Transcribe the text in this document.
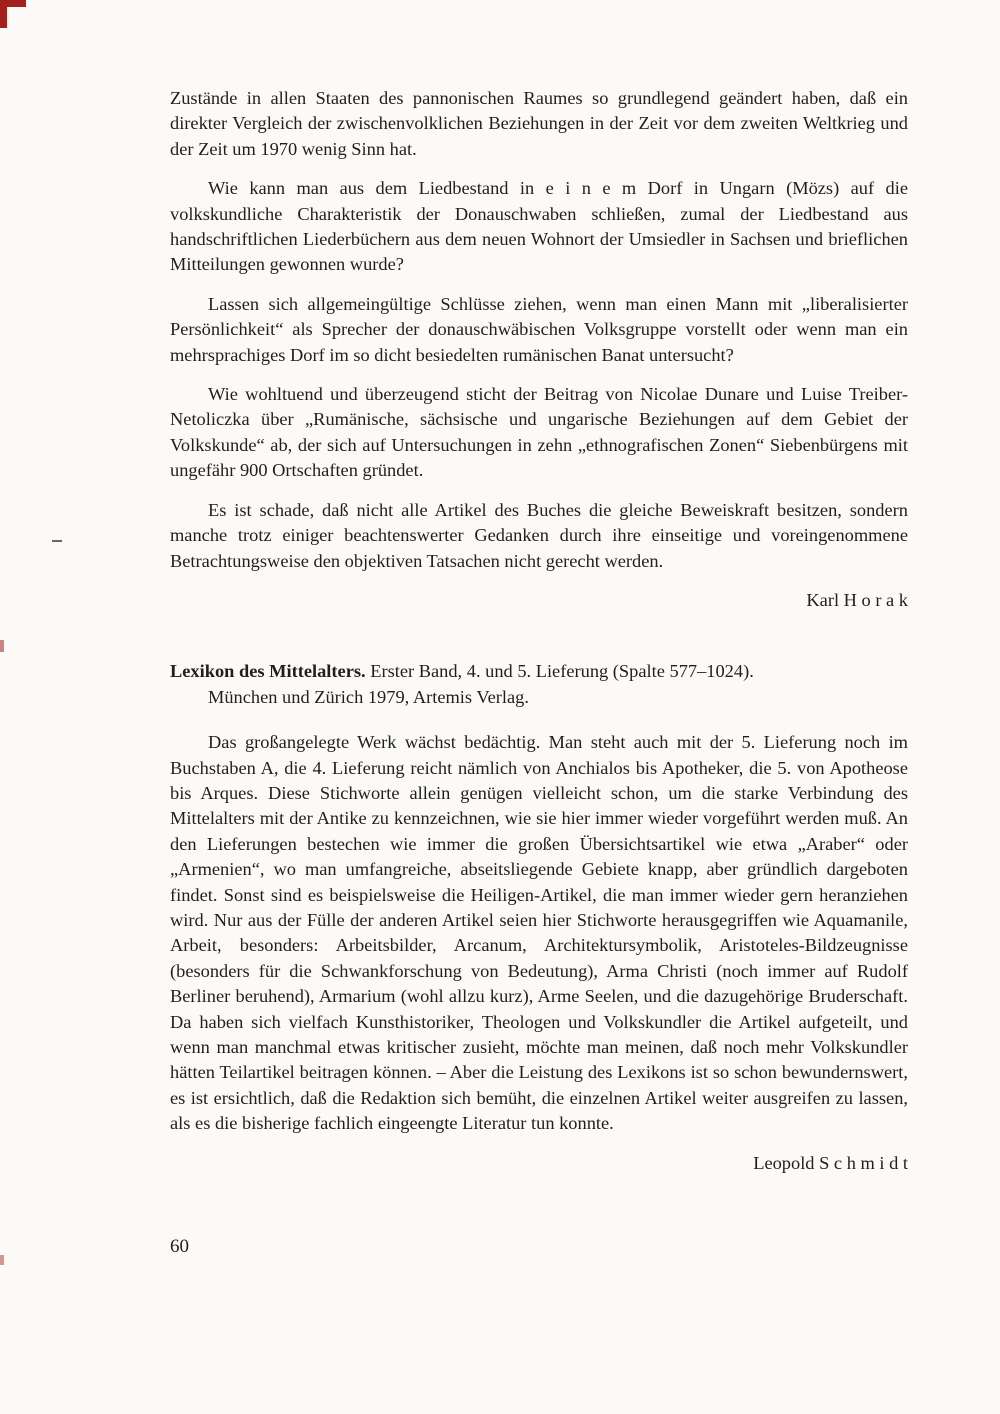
Zustände in allen Staaten des pannonischen Raumes so grundlegend geändert haben, daß ein direkter Vergleich der zwischenvolklichen Beziehungen in der Zeit vor dem zweiten Weltkrieg und der Zeit um 1970 wenig Sinn hat.

Wie kann man aus dem Liedbestand in e i n e m Dorf in Ungarn (Mözs) auf die volkskundliche Charakteristik der Donauschwaben schließen, zumal der Liedbestand aus handschriftlichen Liederbüchern aus dem neuen Wohnort der Umsiedler in Sachsen und brieflichen Mitteilungen gewonnen wurde?

Lassen sich allgemeingültige Schlüsse ziehen, wenn man einen Mann mit „liberalisierter Persönlichkeit“ als Sprecher der donauschwäbischen Volksgruppe vorstellt oder wenn man ein mehrsprachiges Dorf im so dicht besiedelten rumänischen Banat untersucht?

Wie wohltuend und überzeugend sticht der Beitrag von Nicolae Dunare und Luise Treiber-Netoliczka über „Rumänische, sächsische und ungarische Beziehungen auf dem Gebiet der Volkskunde“ ab, der sich auf Untersuchungen in zehn „ethnografischen Zonen“ Siebenbürgens mit ungefähr 900 Ortschaften gründet.

Es ist schade, daß nicht alle Artikel des Buches die gleiche Beweiskraft besitzen, sondern manche trotz einiger beachtenswerter Gedanken durch ihre einseitige und voreingenommene Betrachtungsweise den objektiven Tatsachen nicht gerecht werden.

Karl H o r a k

Lexikon des Mittelalters. Erster Band, 4. und 5. Lieferung (Spalte 577–1024).

München und Zürich 1979, Artemis Verlag.

Das großangelegte Werk wächst bedächtig. Man steht auch mit der 5. Lieferung noch im Buchstaben A, die 4. Lieferung reicht nämlich von Anchialos bis Apotheker, die 5. von Apotheose bis Arques. Diese Stichworte allein genügen vielleicht schon, um die starke Verbindung des Mittelalters mit der Antike zu kennzeichnen, wie sie hier immer wieder vorgeführt werden muß. An den Lieferungen bestechen wie immer die großen Übersichtsartikel wie etwa „Araber“ oder „Armenien“, wo man umfangreiche, abseitsliegende Gebiete knapp, aber gründlich dargeboten findet. Sonst sind es beispielsweise die Heiligen-Artikel, die man immer wieder gern heranziehen wird. Nur aus der Fülle der anderen Artikel seien hier Stichworte herausgegriffen wie Aquamanile, Arbeit, besonders: Arbeitsbilder, Arcanum, Architektursymbolik, Aristoteles-Bildzeugnisse (besonders für die Schwankforschung von Bedeutung), Arma Christi (noch immer auf Rudolf Berliner beruhend), Armarium (wohl allzu kurz), Arme Seelen, und die dazugehörige Bruderschaft. Da haben sich vielfach Kunsthistoriker, Theologen und Volkskundler die Artikel aufgeteilt, und wenn man manchmal etwas kritischer zusieht, möchte man meinen, daß noch mehr Volkskundler hätten Teilartikel beitragen können. – Aber die Leistung des Lexikons ist so schon bewundernswert, es ist ersichtlich, daß die Redaktion sich bemüht, die einzelnen Artikel weiter ausgreifen zu lassen, als es die bisherige fachlich eingeengte Literatur tun konnte.

Leopold S c h m i d t

60
